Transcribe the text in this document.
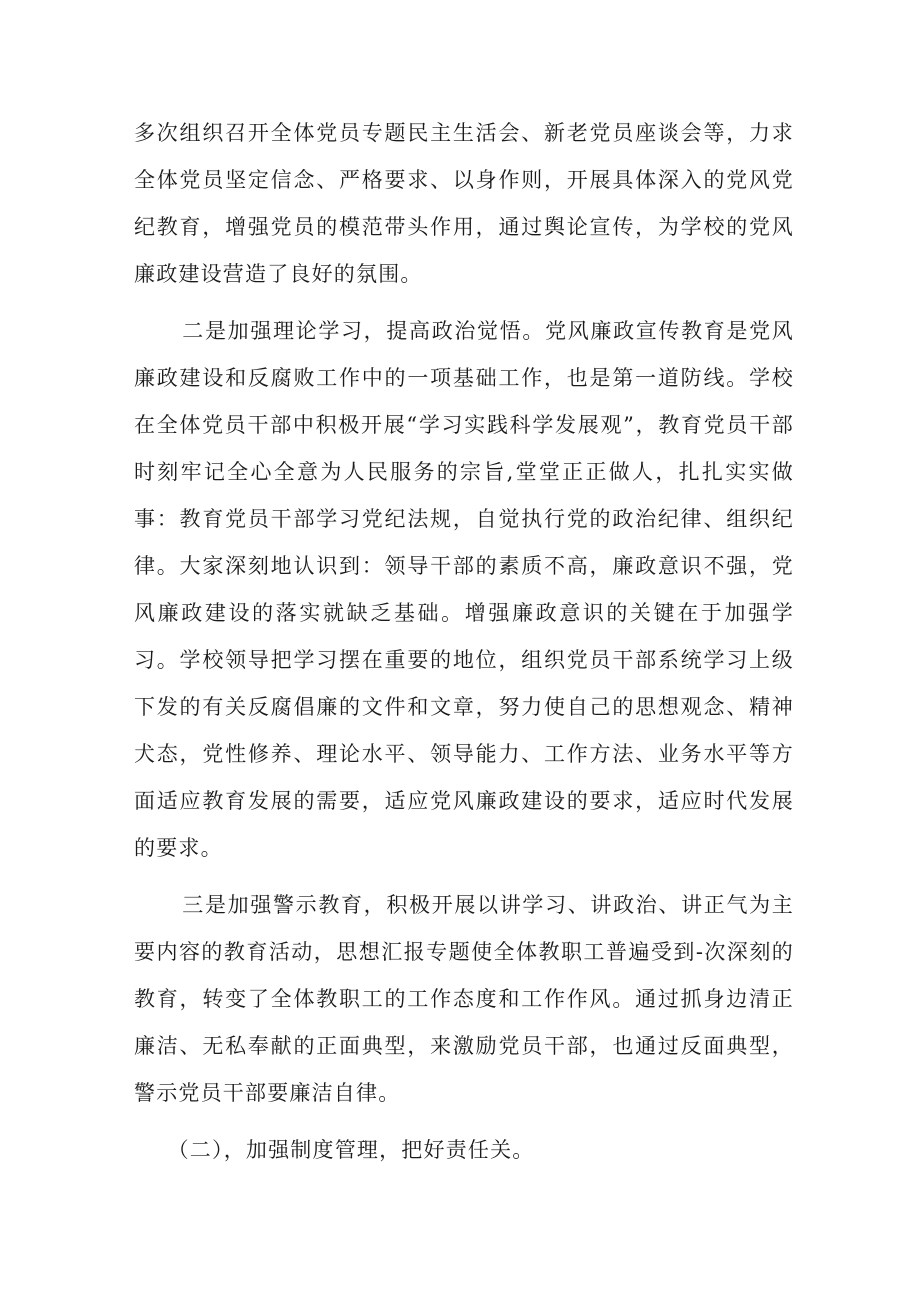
多次组织召开全体党员专题民主生活会、新老党员座谈会等，力求全体党员坚定信念、严格要求、以身作则，开展具体深入的党风党纪教育，增强党员的模范带头作用，通过舆论宣传，为学校的党风廉政建设营造了良好的氛围。

二是加强理论学习，提高政治觉悟。党风廉政宣传教育是党风廉政建设和反腐败工作中的一项基础工作，也是第一道防线。学校在全体党员干部中积极开展“学习实践科学发展观”，教育党员干部时刻牢记全心全意为人民服务的宗旨,堂堂正正做人，扎扎实实做事：教育党员干部学习党纪法规，自觉执行党的政治纪律、组织纪律。大家深刻地认识到：领导干部的素质不高，廉政意识不强，党风廉政建设的落实就缺乏基础。增强廉政意识的关键在于加强学习。学校领导把学习摆在重要的地位，组织党员干部系统学习上级下发的有关反腐倡廉的文件和文章，努力使自己的思想观念、精神犬态，党性修养、理论水平、领导能力、工作方法、业务水平等方面适应教育发展的需要，适应党风廉政建设的要求，适应时代发展的要求。

三是加强警示教育，积极开展以讲学习、讲政治、讲正气为主要内容的教育活动，思想汇报专题使全体教职工普遍受到-次深刻的教育，转变了全体教职工的工作态度和工作作风。通过抓身边清正廉洁、无私奉献的正面典型，来激励党员干部，也通过反面典型，警示党员干部要廉洁自律。

（二），加强制度管理，把好责任关。
